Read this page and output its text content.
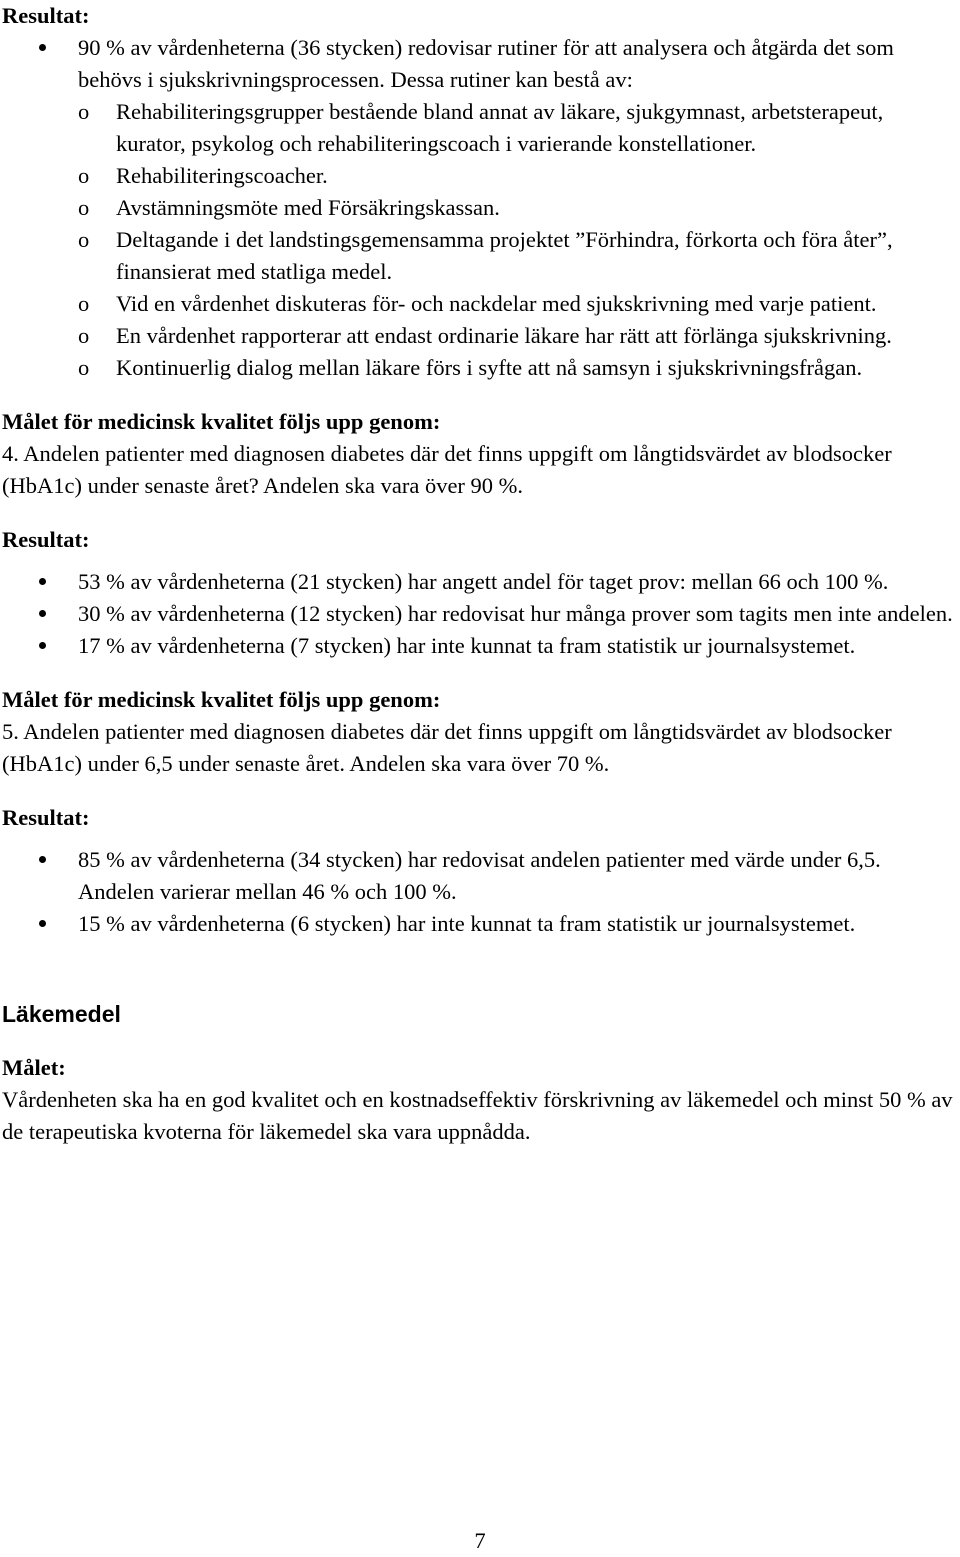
Resultat:

90 % av vårdenheterna (36 stycken) redovisar rutiner för att analysera och åtgärda det som behövs i sjukskrivningsprocessen. Dessa rutiner kan bestå av:
o Rehabiliteringsgrupper bestående bland annat av läkare, sjukgymnast, arbetsterapeut, kurator, psykolog och rehabiliteringscoach i varierande konstellationer.
o Rehabiliteringscoacher.
o Avstämningsmöte med Försäkringskassan.
o Deltagande i det landstingsgemensamma projektet ”Förhindra, förkorta och föra åter”, finansierat med statliga medel.
o Vid en vårdenhet diskuteras för- och nackdelar med sjukskrivning med varje patient.
o En vårdenhet rapporterar att endast ordinarie läkare har rätt att förlänga sjukskrivning.
o Kontinuerlig dialog mellan läkare förs i syfte att nå samsyn i sjukskrivningsfrågan.

Målet för medicinsk kvalitet följs upp genom:

4. Andelen patienter med diagnosen diabetes där det finns uppgift om långtidsvärdet av blodsocker (HbA1c) under senaste året? Andelen ska vara över 90 %.

Resultat:

53 % av vårdenheterna (21 stycken) har angett andel för taget prov: mellan 66 och 100 %.
30 % av vårdenheterna (12 stycken) har redovisat hur många prover som tagits men inte andelen.
17 % av vårdenheterna (7 stycken) har inte kunnat ta fram statistik ur journalsystemet.

Målet för medicinsk kvalitet följs upp genom:

5. Andelen patienter med diagnosen diabetes där det finns uppgift om långtidsvärdet av blodsocker (HbA1c) under 6,5 under senaste året. Andelen ska vara över 70 %.

Resultat:

85 % av vårdenheterna (34 stycken) har redovisat andelen patienter med värde under 6,5. Andelen varierar mellan 46 % och 100 %.
15 % av vårdenheterna (6 stycken) har inte kunnat ta fram statistik ur journalsystemet.

Läkemedel

Målet:

Vårdenheten ska ha en god kvalitet och en kostnadseffektiv förskrivning av läkemedel och minst 50 % av de terapeutiska kvoterna för läkemedel ska vara uppnådda.

7
